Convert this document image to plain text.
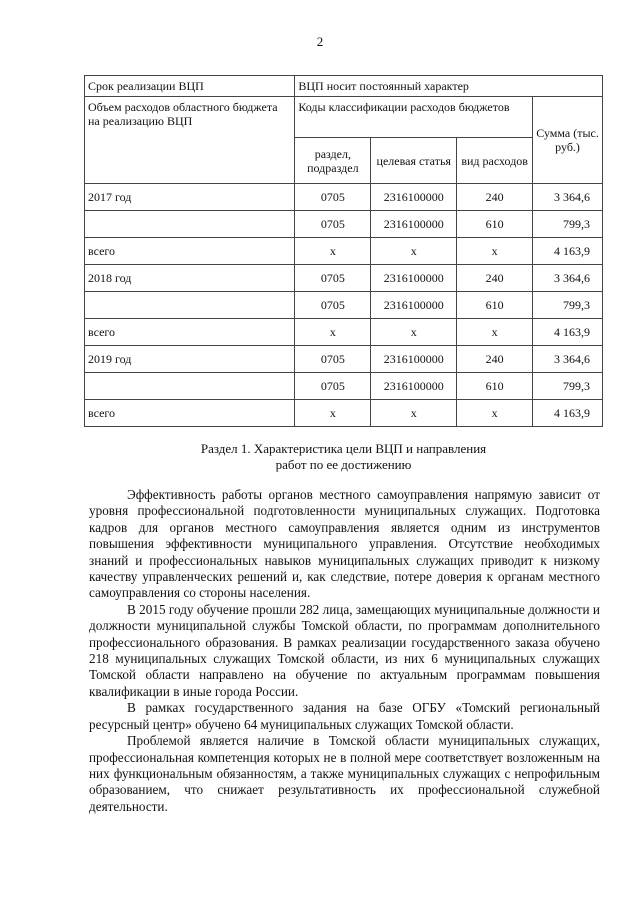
2
Срок реализации ВЦП	ВЦП носит постоянный характер			
Объем расходов областного бюджета на реализацию ВЦП	Коды классификации расходов бюджетов			Сумма (тыс. руб.)
	раздел, подраздел	целевая статья	вид расходов	
2017 год	0705	2316100000	240	3 364,6
	0705	2316100000	610	799,3
всего	х	х	х	4 163,9
2018 год	0705	2316100000	240	3 364,6
	0705	2316100000	610	799,3
всего	х	х	х	4 163,9
2019 год	0705	2316100000	240	3 364,6
	0705	2316100000	610	799,3
всего	х	х	х	4 163,9
Раздел 1. Характеристика цели ВЦП и направления
работ по ее достижению

Эффективность работы органов местного самоуправления напрямую зависит от уровня профессиональной подготовленности муниципальных служащих. Подготовка кадров для органов местного самоуправления является одним из инструментов повышения эффективности муниципального управления. Отсутствие необходимых знаний и профессиональных навыков муниципальных служащих приводит к низкому качеству управленческих решений и, как следствие, потере доверия к органам местного самоуправления со стороны населения.

В 2015 году обучение прошли 282 лица, замещающих муниципальные должности и должности муниципальной службы Томской области, по программам дополнительного профессионального образования. В рамках реализации государственного заказа обучено 218 муниципальных служащих Томской области, из них 6 муниципальных служащих Томской области направлено на обучение по актуальным программам повышения квалификации в иные города России.

В рамках государственного задания на базе ОГБУ «Томский региональный ресурсный центр» обучено 64 муниципальных служащих Томской области.

Проблемой является наличие в Томской области муниципальных служащих, профессиональная компетенция которых не в полной мере соответствует возложенным на них функциональным обязанностям, а также муниципальных служащих с непрофильным образованием, что снижает результативность их профессиональной служебной деятельности.
